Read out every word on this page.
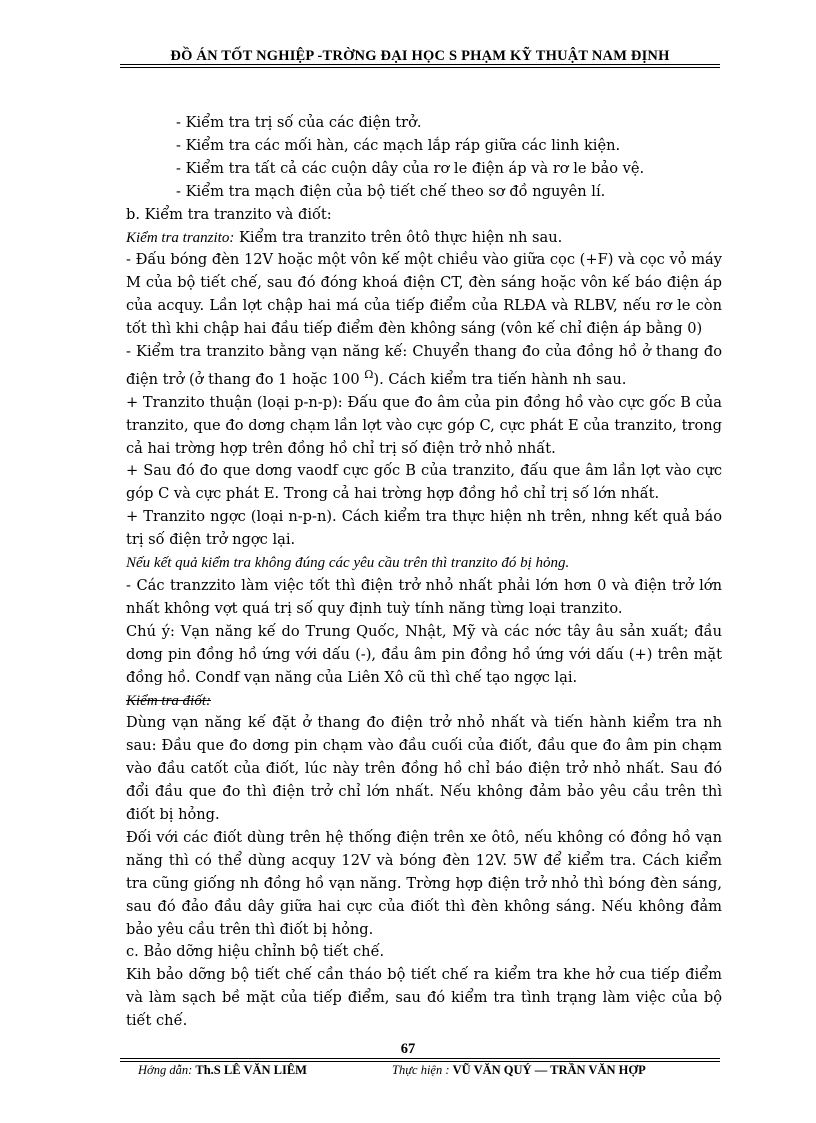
ĐỒ ÁN TỐT NGHIỆP -TRỜNG ĐẠI HỌC S PHẠM KỸ THUẬT NAM ĐỊNH

- Kiểm tra trị số của các điện trở.

- Kiểm tra các mối hàn, các mạch lắp ráp giữa các linh kiện.

- Kiểm tra tất cả các cuộn dây của rơ le điện áp và rơ le bảo vệ.

- Kiểm tra mạch điện của bộ tiết chế theo sơ đồ nguyên lí.

b. Kiểm tra tranzito và điốt:

Kiểm tra tranzito: Kiểm tra tranzito trên ôtô thực hiện nh sau.

- Đấu bóng đèn 12V hoặc một vôn kế một chiều vào giữa cọc (+F) và cọc vỏ máy M của bộ tiết chế, sau đó đóng khoá điện CT, đèn sáng hoặc vôn kế báo điện áp của acquy. Lần lợt chập hai má của tiếp điểm của RLĐA và RLBV, nếu rơ le còn tốt thì khi chập hai đầu tiếp điểm đèn không sáng (vôn kế chỉ điện áp bằng 0)

- Kiểm tra tranzito bằng vạn năng kế: Chuyển thang đo của đồng hồ ở thang đo điện trở (ở thang đo 1 hoặc 100 $^\Omega$). Cách kiểm tra tiến hành nh sau.

+ Tranzito thuận (loại p-n-p): Đấu que đo âm của pin đồng hồ vào cực gốc B của tranzito, que đo dơng chạm lần lợt vào cực góp C, cực phát E của tranzito, trong cả hai trờng hợp trên đồng hồ chỉ trị số điện trở nhỏ nhất.

+ Sau đó đo que dơng vaodf cực gốc B của tranzito, đấu que âm lần lợt vào cực góp C và cực phát E. Trong cả hai trờng hợp đồng hồ chỉ trị số lớn nhất.

+ Tranzito ngợc (loại n-p-n). Cách kiểm tra thực hiện nh trên, nhng kết quả báo trị số điện trở ngợc lại.

Nếu kết quả kiểm tra không đúng các yêu cầu trên thì tranzito đó bị hỏng.

- Các tranzzito làm việc tốt thì điện trở nhỏ nhất phải lớn hơn 0 và điện trở lớn nhất không vợt quá trị số quy định tuỳ tính năng từng loại tranzito.

Chú ý: Vạn năng kế do Trung Quốc, Nhật, Mỹ và các nớc tây âu sản xuất; đầu dơng pin đồng hồ ứng với dấu (-), đầu âm pin đồng hồ ứng với dấu (+) trên mặt đồng hồ. Condf vạn năng của Liên Xô cũ thì chế tạo ngợc lại.

Kiểm tra điốt:

Dùng vạn năng kế đặt ở thang đo điện trở nhỏ nhất và tiến hành kiểm tra nh sau: Đầu que đo dơng pin chạm vào đầu cuối của điốt, đầu que đo âm pin chạm vào đầu catốt của điốt, lúc này trên đồng hồ chỉ báo điện trở nhỏ nhất. Sau đó đổi đầu que đo thì điện trở chỉ lớn nhất. Nếu không đảm bảo yêu cầu trên thì điốt bị hỏng.

Đối với các điốt dùng trên hệ thống điện trên xe ôtô, nếu không có đồng hồ vạn năng thì có thể dùng acquy 12V và bóng đèn 12V. 5W để kiểm tra. Cách kiểm tra cũng giống nh đồng hồ vạn năng. Trờng hợp điện trở nhỏ thì bóng đèn sáng, sau đó đảo đầu dây giữa hai cực của điốt thì đèn không sáng. Nếu không đảm bảo yêu cầu trên thì điốt bị hỏng.

c. Bảo dỡng hiệu chỉnh bộ tiết chế.

Kih bảo dỡng bộ tiết chế cần tháo bộ tiết chế ra kiểm tra khe hở cua tiếp điểm và làm sạch bề mặt của tiếp điểm, sau đó kiểm tra tình trạng làm việc của bộ tiết chế.

67
Hớng dẫn: Th.S LÊ VĂN LIÊM	Thực hiện : VŨ VĂN QUÝ — TRẦN VĂN HỢP
